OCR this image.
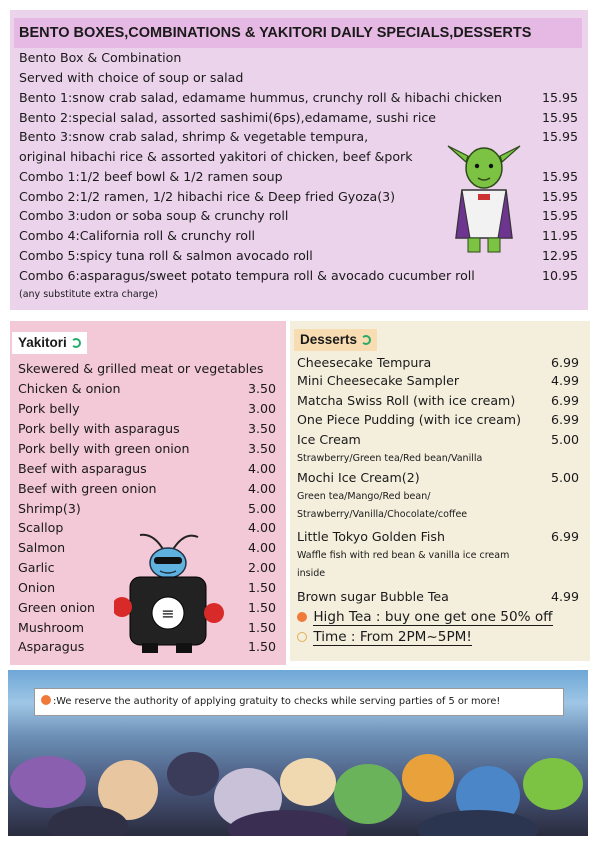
BENTO BOXES,COMBINATIONS & YAKITORI DAILY SPECIALS,DESSERTS
Bento Box & Combination
Served with choice of soup or salad
Bento 1:snow crab salad, edamame hummus, crunchy roll & hibachi chicken	15.95
Bento 2:special salad, assorted sashimi(6ps),edamame, sushi rice	15.95
Bento 3:snow crab salad, shrimp & vegetable tempura,	15.95
original hibachi rice & assorted yakitori of chicken, beef &pork
Combo 1:1/2 beef bowl & 1/2 ramen soup	15.95
Combo 2:1/2 ramen, 1/2 hibachi rice & Deep fried Gyoza(3)	15.95
Combo 3:udon or soba soup & crunchy roll	15.95
Combo 4:California roll & crunchy roll	11.95
Combo 5:spicy tuna roll & salmon avocado roll	12.95
Combo 6:asparagus/sweet potato tempura roll & avocado cucumber roll	10.95
(any substitute extra charge)
Yakitori
Skewered & grilled meat or vegetables
Chicken & onion	3.50
Pork belly	3.00
Pork belly with asparagus	3.50
Pork belly with green onion	3.50
Beef with asparagus	4.00
Beef with green onion	4.00
Shrimp(3)	5.00
Scallop	4.00
Salmon	4.00
Garlic	2.00
Onion	1.50
Green onion	1.50
Mushroom	1.50
Asparagus	1.50
≡
Desserts
Cheesecake Tempura	6.99
Mini Cheesecake Sampler	4.99
Matcha Swiss Roll (with ice cream)	6.99
One Piece Pudding (with ice cream)	6.99
Ice Cream	5.00
Strawberry/Green tea/Red bean/Vanilla
Mochi Ice Cream(2)	5.00
Green tea/Mango/Red bean/
Strawberry/Vanilla/Chocolate/coffee
Little Tokyo Golden Fish	6.99
Waffle fish with red bean & vanilla ice cream
inside
Brown sugar Bubble Tea	4.99
High Tea : buy one get one 50% off
Time : From 2PM~5PM!
:We reserve the authority of applying gratuity to checks while serving parties of 5 or more!
